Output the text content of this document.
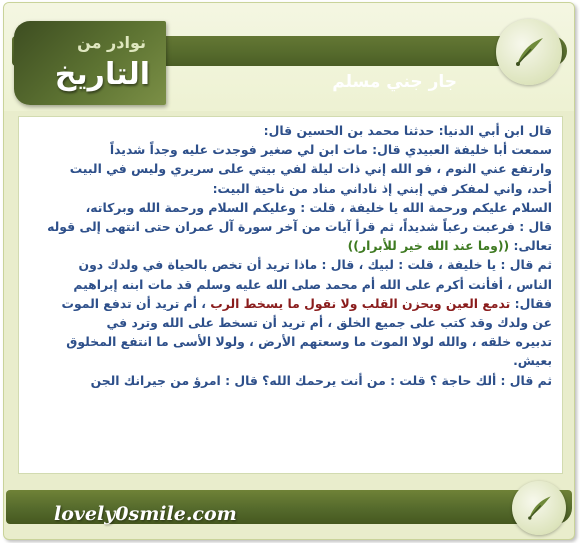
جار جني مسلم
نوادر من
التاريخ
قال ابن أبي الدنيا: حدثنا محمد بن الحسين قال:
سمعت أبا خليفة العبيدي قال: مات ابن لي صغير فوجدت عليه وجداً شديداً
وارتفع عني النوم ، فو الله إني ذات ليلة لفي بيتي على سريري وليس في البيت
أحد، واني لمفكر في إبني إذ ناداني مناد من ناحية البيت:
السلام عليكم ورحمة الله يا خليفة ، قلت : وعليكم السلام ورحمة الله وبركاته،
قال : فرعبت رعباً شديداً، ثم قرأ آيات من آخر سورة آل عمران حتى انتهى إلى قوله
تعالى: ((وما عند الله خير للأبرار))
ثم قال : يا خليفة ، قلت : لبيك ، قال : ماذا تريد أن تخص بالحياة في ولدك دون
الناس ، أفأنت أكرم على الله أم محمد صلى الله عليه وسلم قد مات ابنه إبراهيم
فقال: تدمع العين ويحزن القلب ولا نقول ما يسخط الرب ، أم تريد أن تدفع الموت
عن ولدك وقد كتب على جميع الخلق ، أم تريد أن تسخط على الله وترد في
تدبيره خلقه ، والله لولا الموت ما وسعتهم الأرض ، ولولا الأسى ما انتفع المخلوق
بعيش.
ثم قال : ألك حاجة ؟ قلت : من أنت يرحمك الله؟ قال : امرؤ من جيرانك الجن
lovely0smile.com
